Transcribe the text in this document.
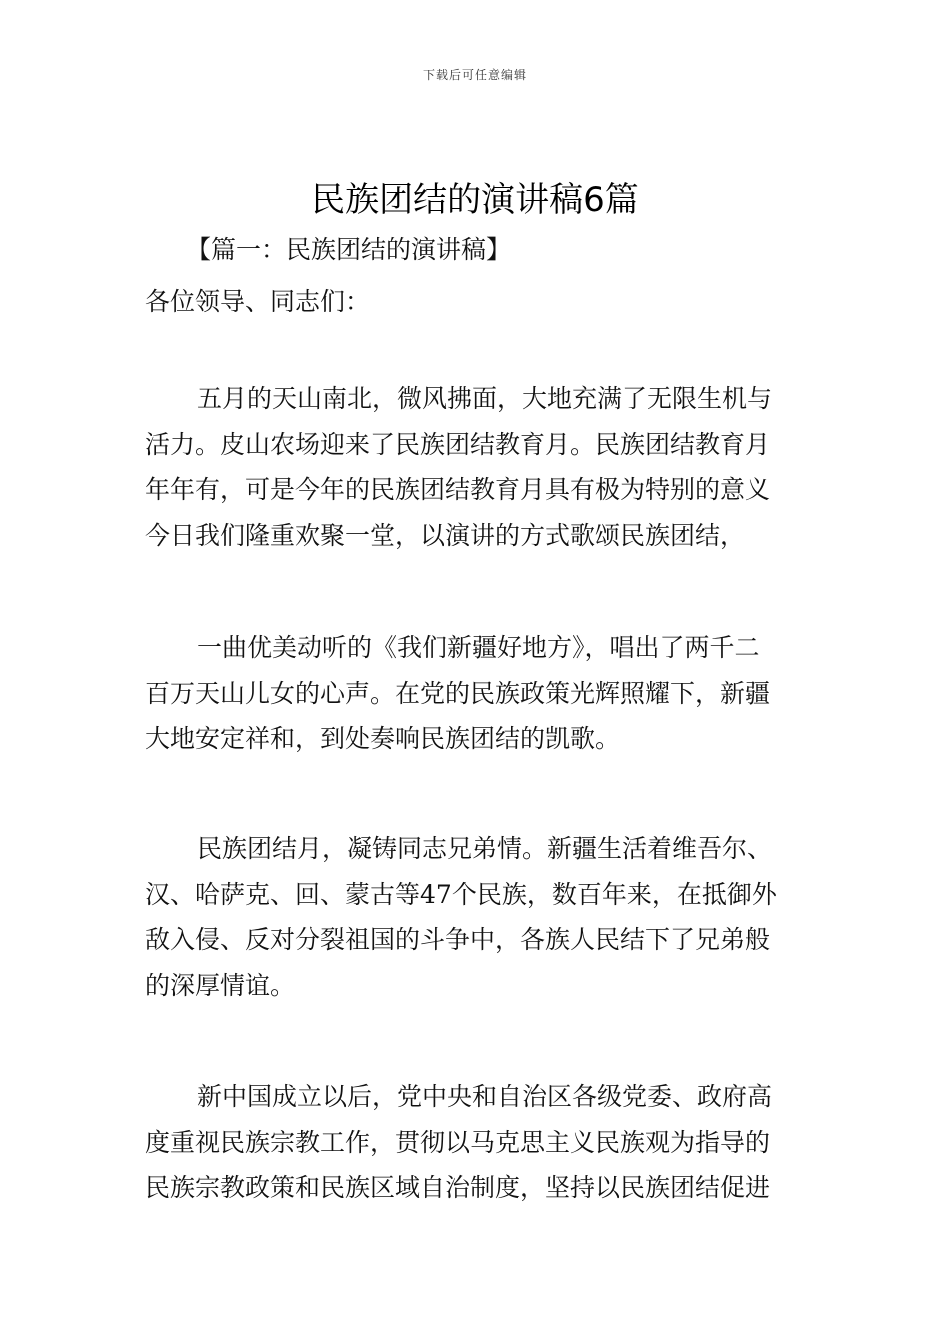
下载后可任意编辑
民族团结的演讲稿6篇
【篇一：民族团结的演讲稿】
各位领导、同志们：

五月的天山南北，微风拂面，大地充满了无限生机与
活力。皮山农场迎来了民族团结教育月。民族团结教育月
年年有，可是今年的民族团结教育月具有极为特别的意义
今日我们隆重欢聚一堂，以演讲的方式歌颂民族团结，

一曲优美动听的《我们新疆好地方》，唱出了两千二
百万天山儿女的心声。在党的民族政策光辉照耀下，新疆
大地安定祥和，到处奏响民族团结的凯歌。

民族团结月，凝铸同志兄弟情。新疆生活着维吾尔、
汉、哈萨克、回、蒙古等47个民族，数百年来，在抵御外
敌入侵、反对分裂祖国的斗争中，各族人民结下了兄弟般
的深厚情谊。

新中国成立以后，党中央和自治区各级党委、政府高
度重视民族宗教工作，贯彻以马克思主义民族观为指导的
民族宗教政策和民族区域自治制度，坚持以民族团结促进
